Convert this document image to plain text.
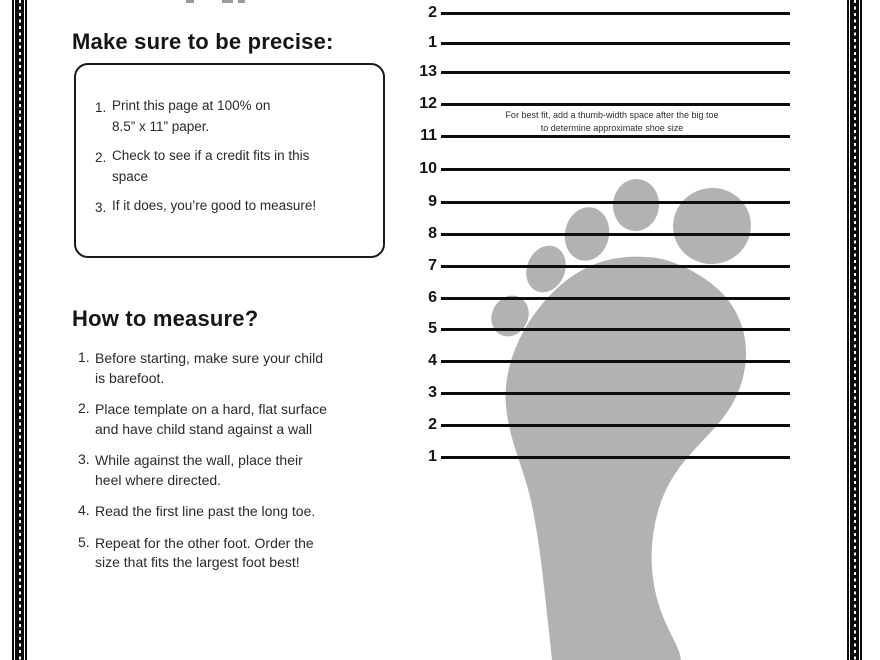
Make sure to be precise:
1. Print this page at 100% on
8.5” x 11” paper.
2. Check to see if a credit fits in this
space
3. If it does, you’re good to measure!
How to measure?
1. Before starting, make sure your child
is barefoot.
2. Place template on a hard, flat surface
and have child stand against a wall
3. While against the wall, place their
heel where directed.
4. Read the first line past the long toe.
5. Repeat for the other foot. Order the
size that fits the largest foot best!
2
1
13
12
11
10
9
8
7
6
5
4
3
2
1
For best fit, add a thumb-width space after the big toe
to determine approximate shoe size
